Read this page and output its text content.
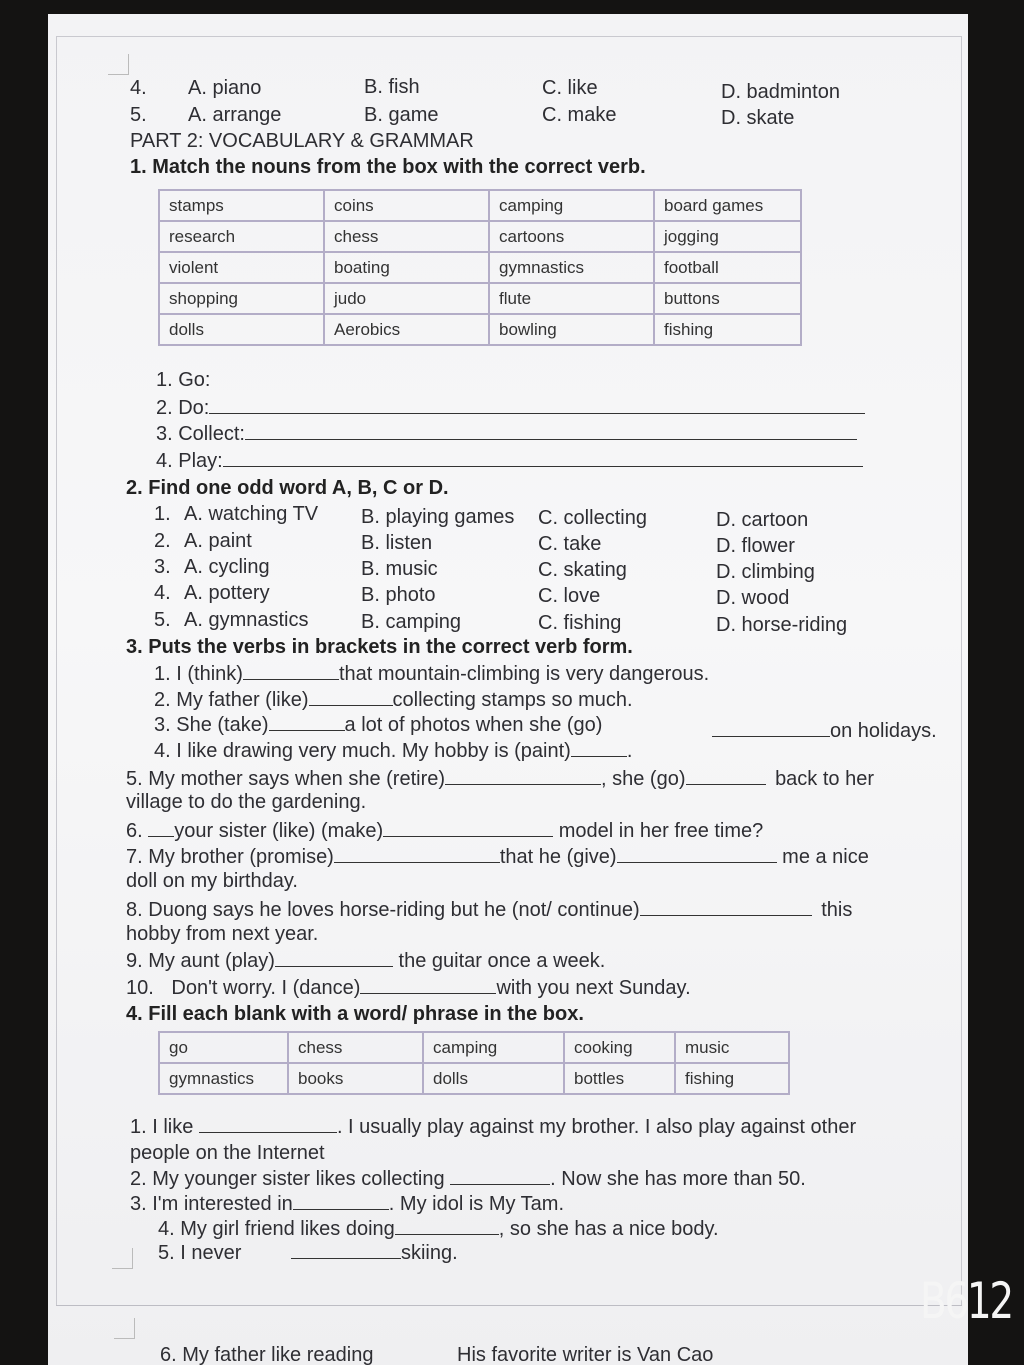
4. A. piano	B. fish	C. like	D. badminton
5. A. arrange	B. game	C. make	D. skate
PART 2: VOCABULARY & GRAMMAR
1. Match the nouns from the box with the correct verb.
stamps	coins	camping	board games
research	chess	cartoons	jogging
violent	boating	gymnastics	football
shopping	judo	flute	buttons
dolls	Aerobics	bowling	fishing
1. Go:
2. Do:
3. Collect:
4. Play:
2. Find one odd word A, B, C or D.
1. A. watching TV B. playing games C. collecting	D. cartoon
2. A. paint	B. listen	C. take	D. flower
3. A. cycling	B. music	C. skating	D. climbing
4. A. pottery	B. photo	C. love	D. wood
5. A. gymnastics	B. camping	C. fishing	D. horse-riding
3. Puts the verbs in brackets in the correct verb form.
1. I (think)	that mountain-climbing is very dangerous.
2. My father (like)	collecting stamps so much.
3. She (take)	a lot of photos when she (go)	on holidays.
4. I like drawing very much. My hobby is (paint)	.
5. My mother says when she (retire)	, she (go)	back to her
village to do the gardening.
6. your sister (like) (make)	model in her free time?
7. My brother (promise)	that he (give)	me a nice
doll on my birthday.
8. Duong says he loves horse-riding but he (not/ continue)	this
hobby from next year.
9. My aunt (play)	the guitar once a week.
10. Don't worry. I (dance)	with you next Sunday.
4. Fill each blank with a word/ phrase in the box.
go	chess	camping	cooking	music
gymnastics	books	dolls	bottles	fishing
1. I like	. I usually play against my brother. I also play against other
people on the Internet
2. My younger sister likes collecting	. Now she has more than 50.
3. I'm interested in	. My idol is My Tam.
4. My girl friend likes doing	, so she has a nice body.
5. I never	skiing.
6. My father like reading	His favorite writer is Van Cao
B612
